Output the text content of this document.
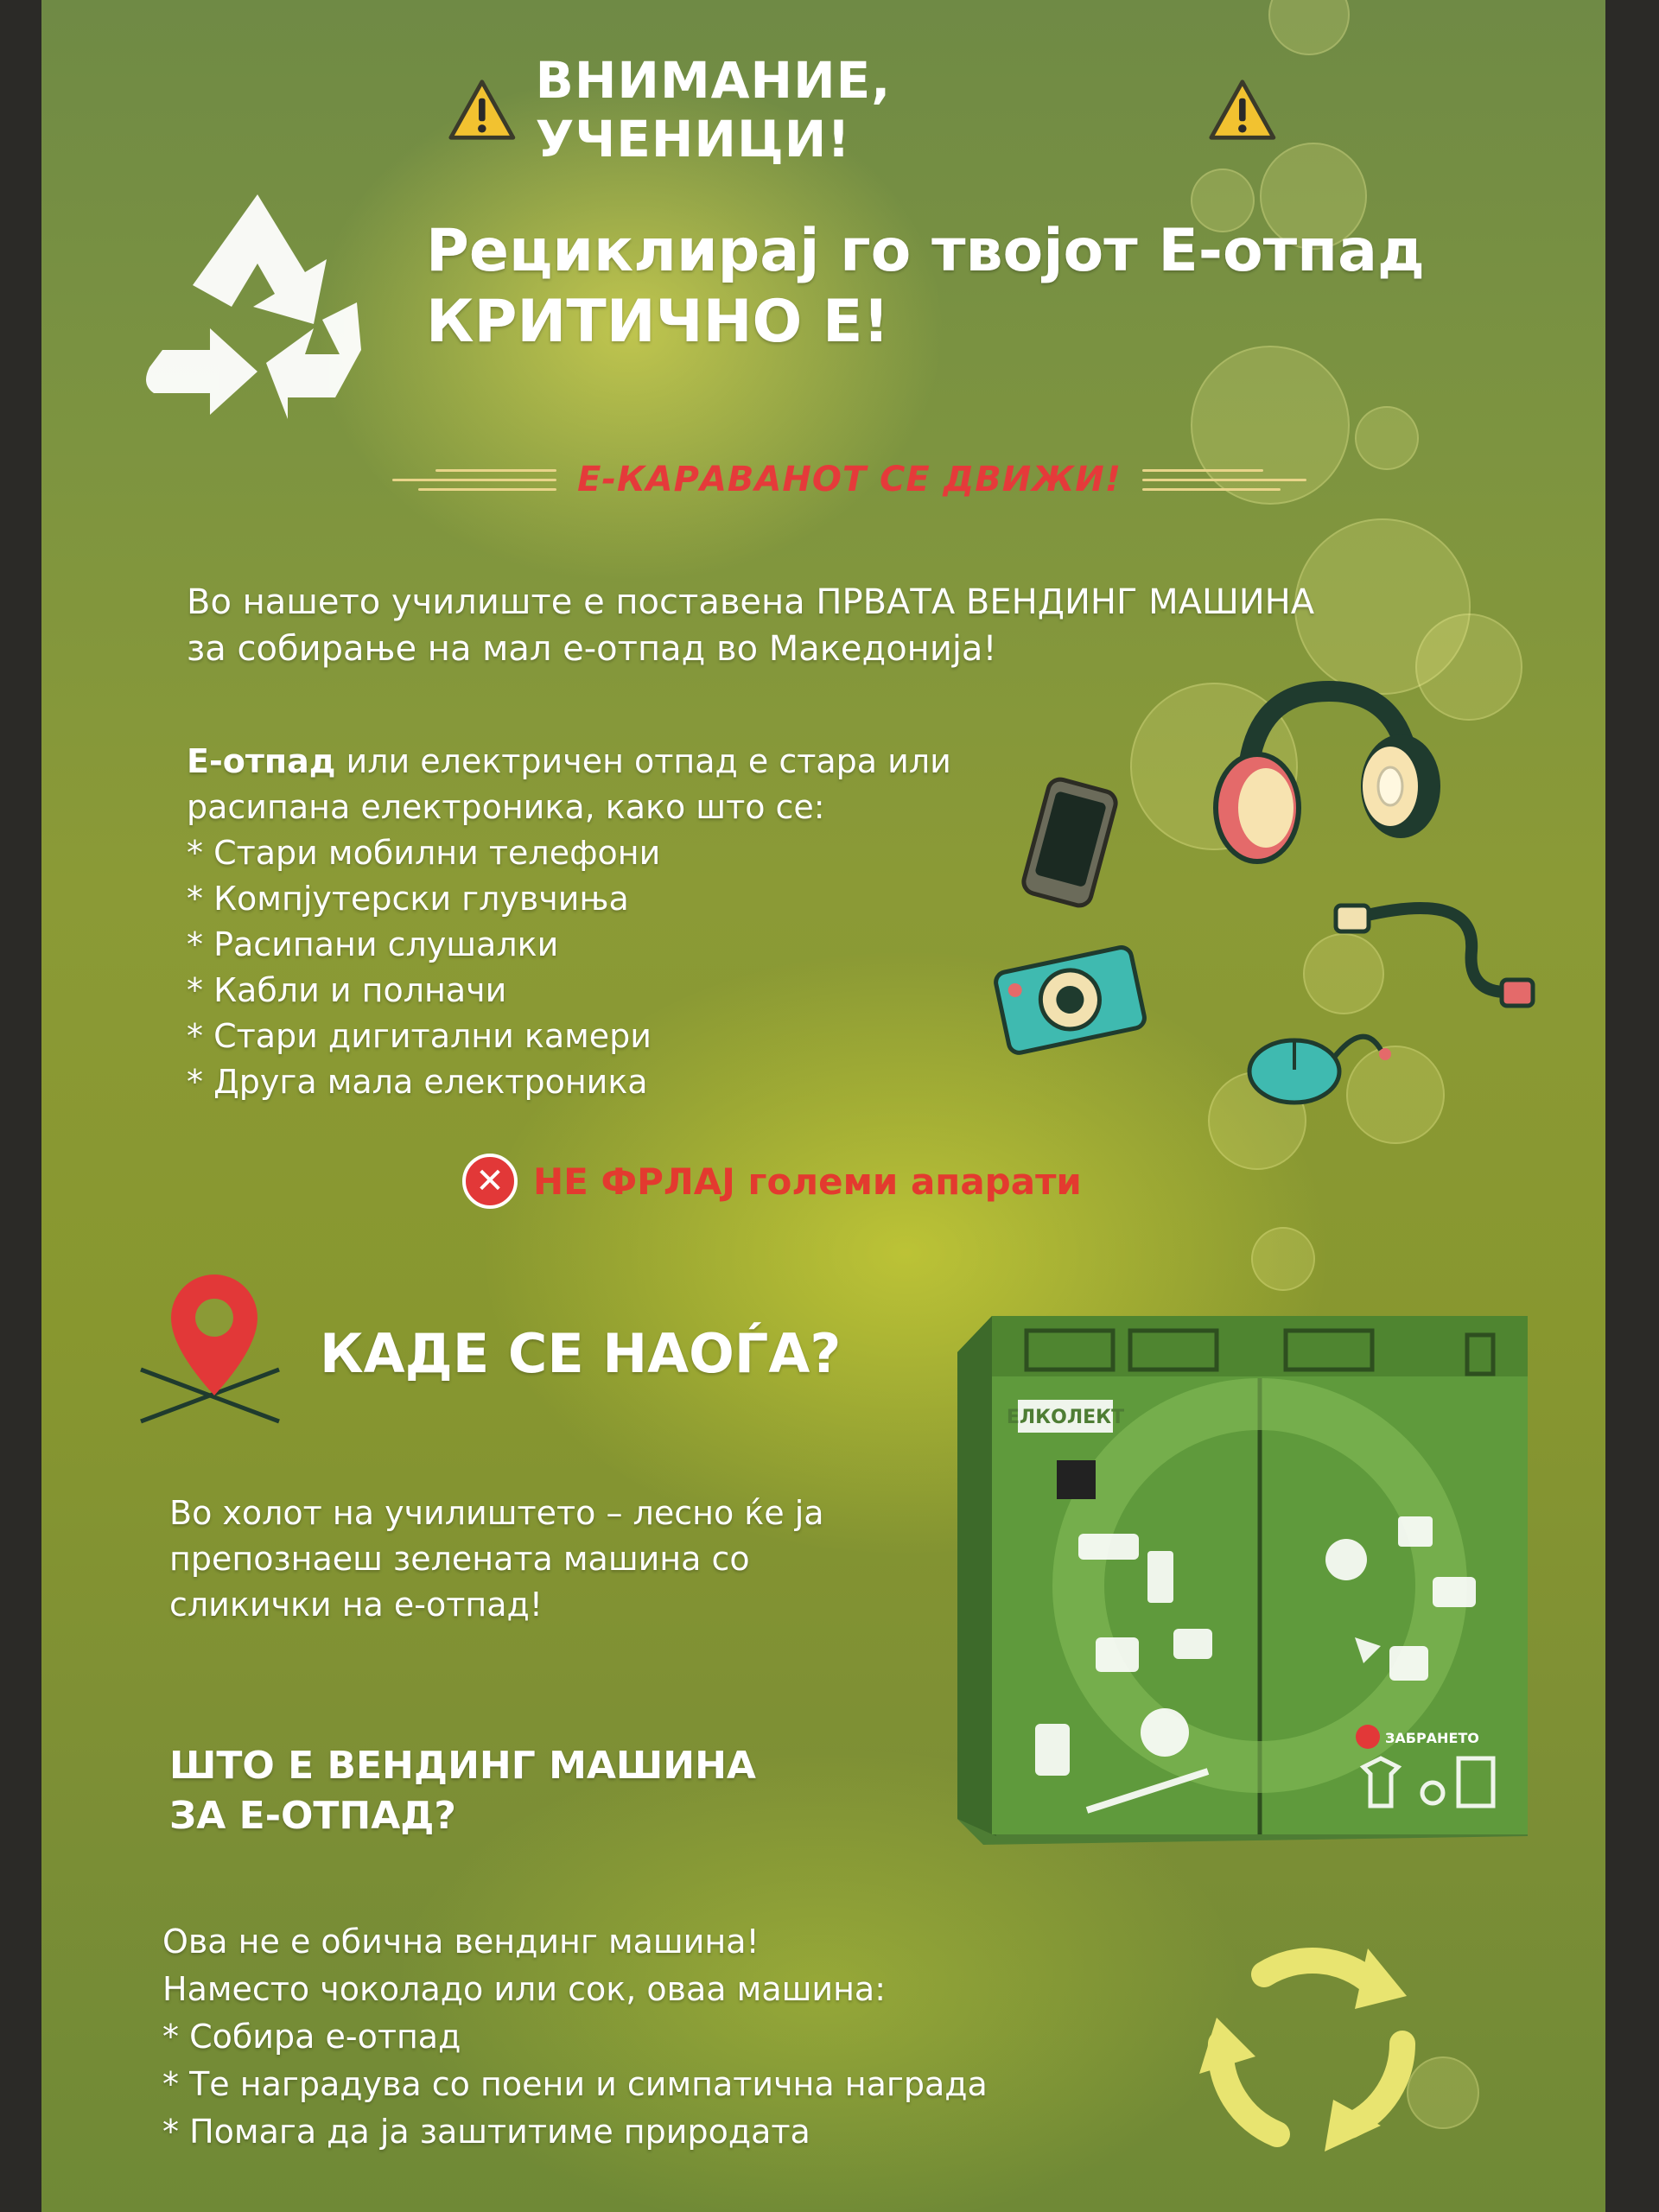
ВНИМАНИЕ, УЧЕНИЦИ!
Рециклирај го твојот Е-отпад
КРИТИЧНО Е!
Е-КАРАВАНОТ СЕ ДВИЖИ!
Во нашето училиште е поставена ПРВАТА ВЕНДИНГ МАШИНА
за собирање на мал е-отпад во Македонија!
Е-отпад или електричен отпад е стара или
расипана електроника, како што се:
* Стари мобилни телефони
* Компјутерски глувчиња
* Расипани слушалки
* Кабли и полначи
* Стари дигитални камери
* Друга мала електроника
✕ НЕ ФРЛАЈ големи апарати
КАДЕ СЕ НАОЃА?
Во холот на училиштето – лесно ќе ја
препознаеш зелената машина со
сликички на е-отпад!
ЕЛКОЛЕКТ
ЗАБРАНЕТО
ШТО Е ВЕНДИНГ МАШИНА
ЗА Е-ОТПАД?
Ова не е обична вендинг машина!
Наместо чоколадо или сок, оваа машина:
* Собира е-отпад
* Те наградува со поени и симпатична награда
* Помага да ја заштитиме природата
